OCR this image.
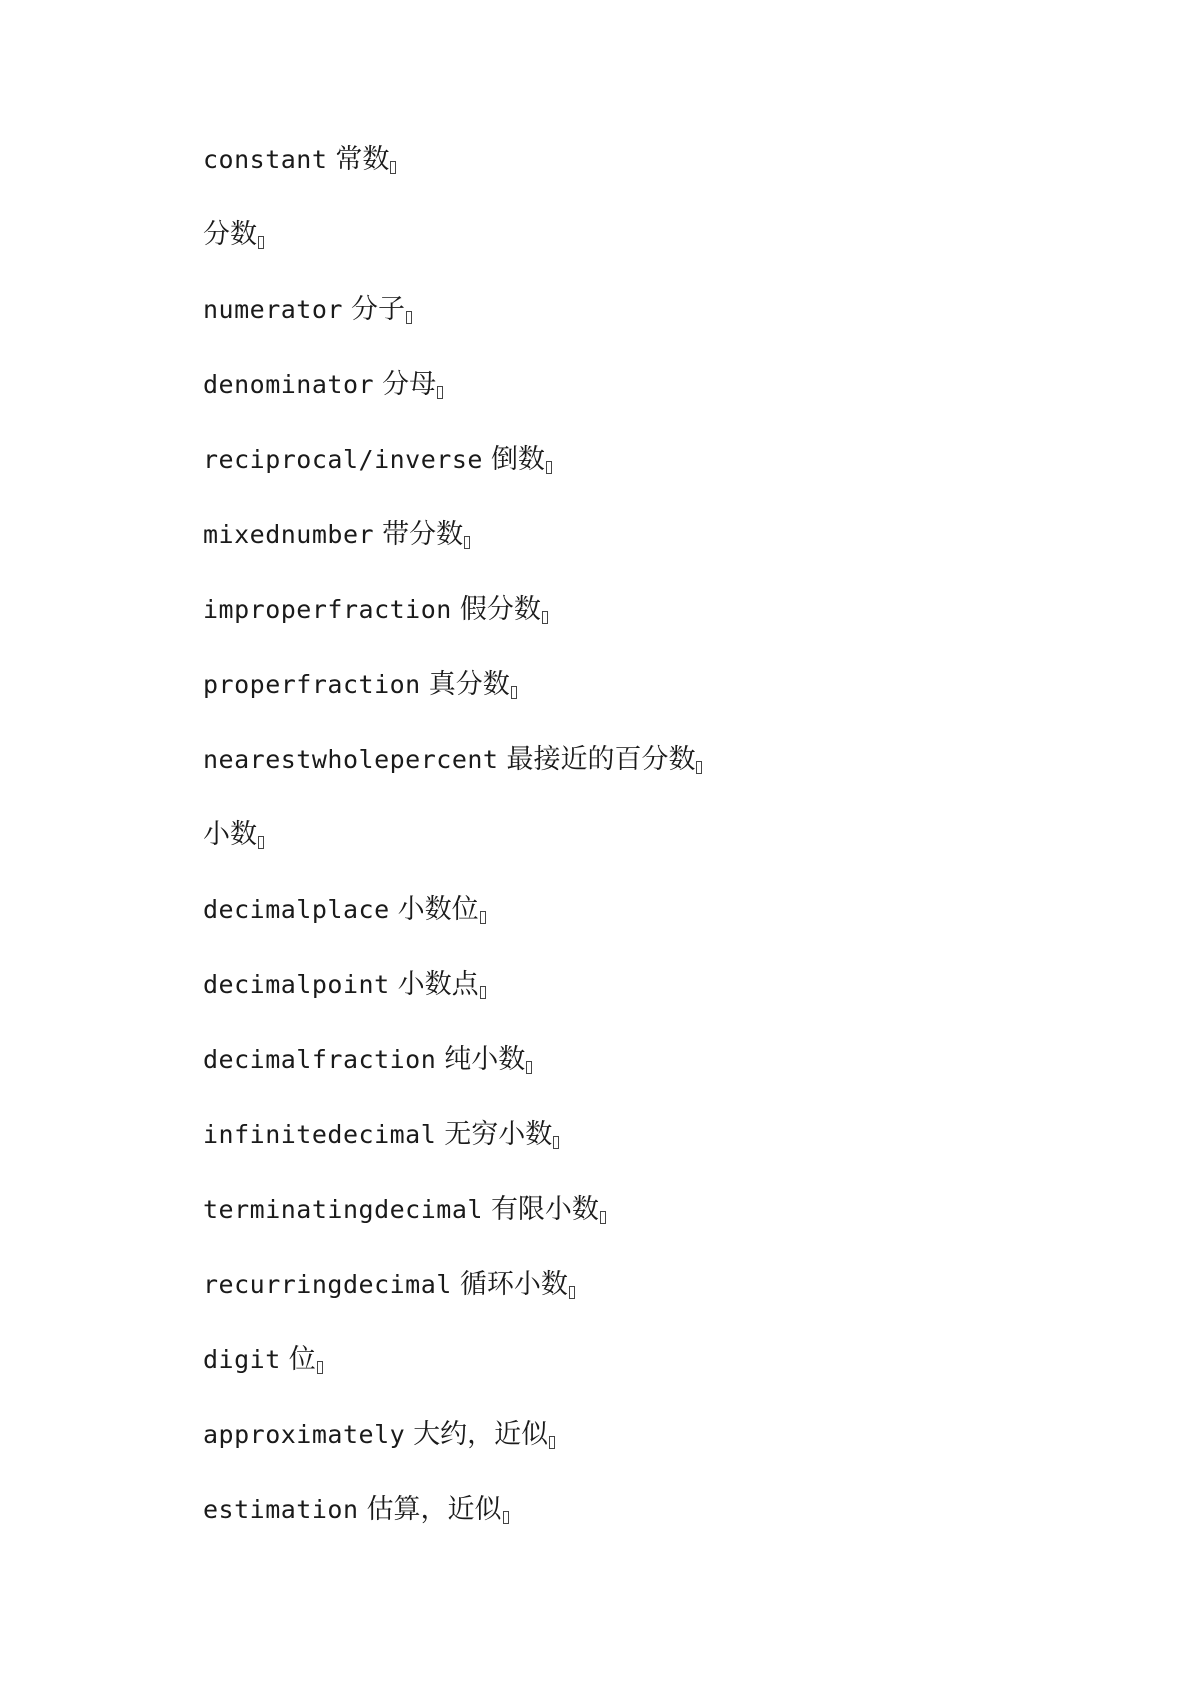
constant 常数
分数
numerator 分子
denominator 分母
reciprocal/inverse 倒数
mixednumber 带分数
improperfraction 假分数
properfraction 真分数
nearestwholepercent 最接近的百分数
小数
decimalplace 小数位
decimalpoint 小数点
decimalfraction 纯小数
infinitedecimal 无穷小数
terminatingdecimal 有限小数
recurringdecimal 循环小数
digit 位
approximately 大约，近似
estimation 估算，近似
